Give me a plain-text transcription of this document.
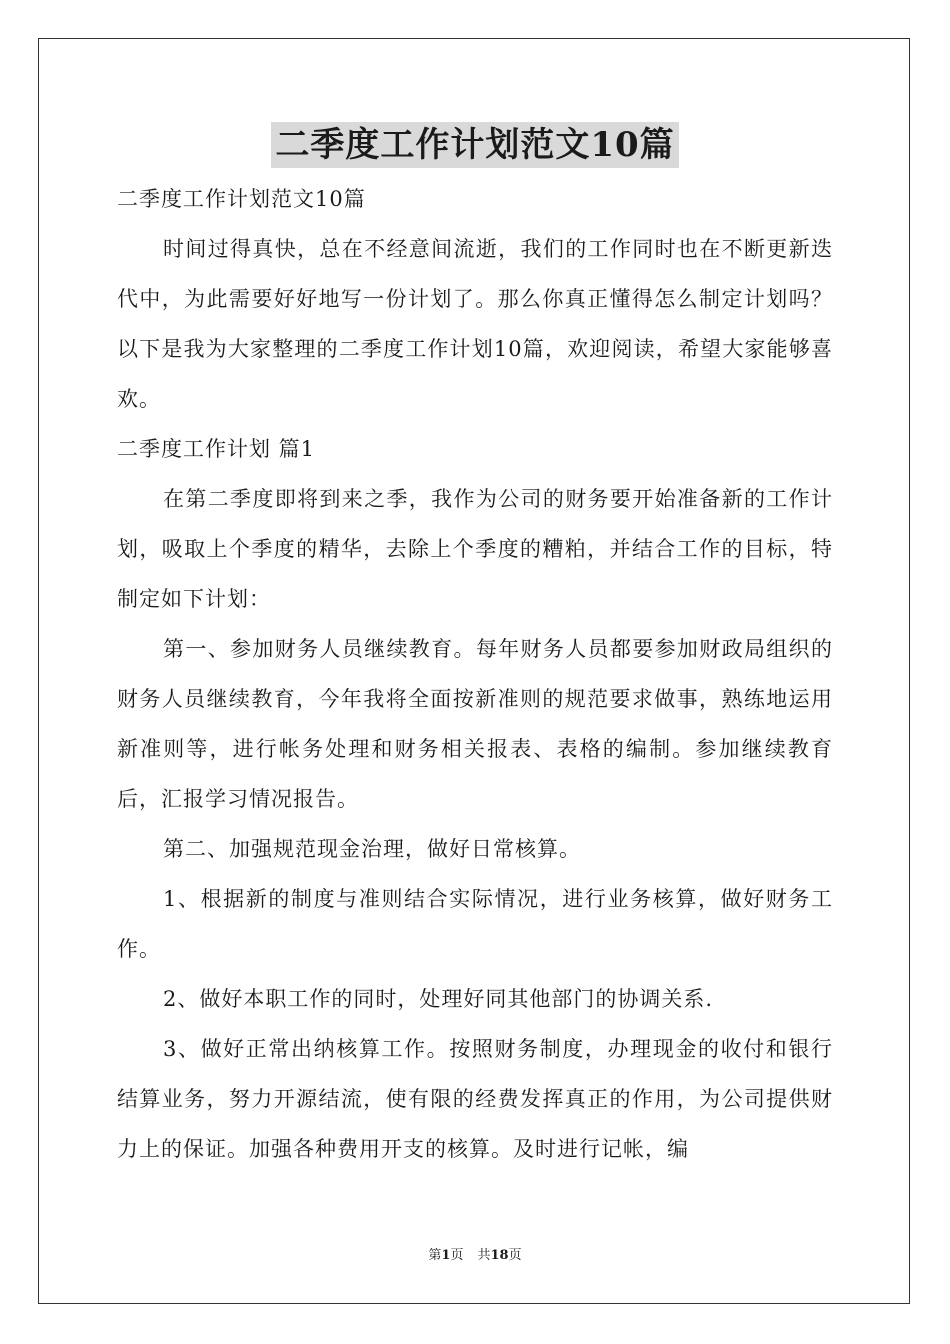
二季度工作计划范文10篇

二季度工作计划范文10篇

时间过得真快，总在不经意间流逝，我们的工作同时也在不断更新迭代中，为此需要好好地写一份计划了。那么你真正懂得怎么制定计划吗？以下是我为大家整理的二季度工作计划10篇，欢迎阅读，希望大家能够喜欢。

二季度工作计划 篇1

在第二季度即将到来之季，我作为公司的财务要开始准备新的工作计划，吸取上个季度的精华，去除上个季度的糟粕，并结合工作的目标，特制定如下计划：

第一、参加财务人员继续教育。每年财务人员都要参加财政局组织的财务人员继续教育，今年我将全面按新准则的规范要求做事，熟练地运用新准则等，进行帐务处理和财务相关报表、表格的编制。参加继续教育后，汇报学习情况报告。

第二、加强规范现金治理，做好日常核算。

1、根据新的制度与准则结合实际情况，进行业务核算，做好财务工作。

2、做好本职工作的同时，处理好同其他部门的协调关系.

3、做好正常出纳核算工作。按照财务制度，办理现金的收付和银行结算业务，努力开源结流，使有限的经费发挥真正的作用，为公司提供财力上的保证。加强各种费用开支的核算。及时进行记帐，编

第1页 共18页
